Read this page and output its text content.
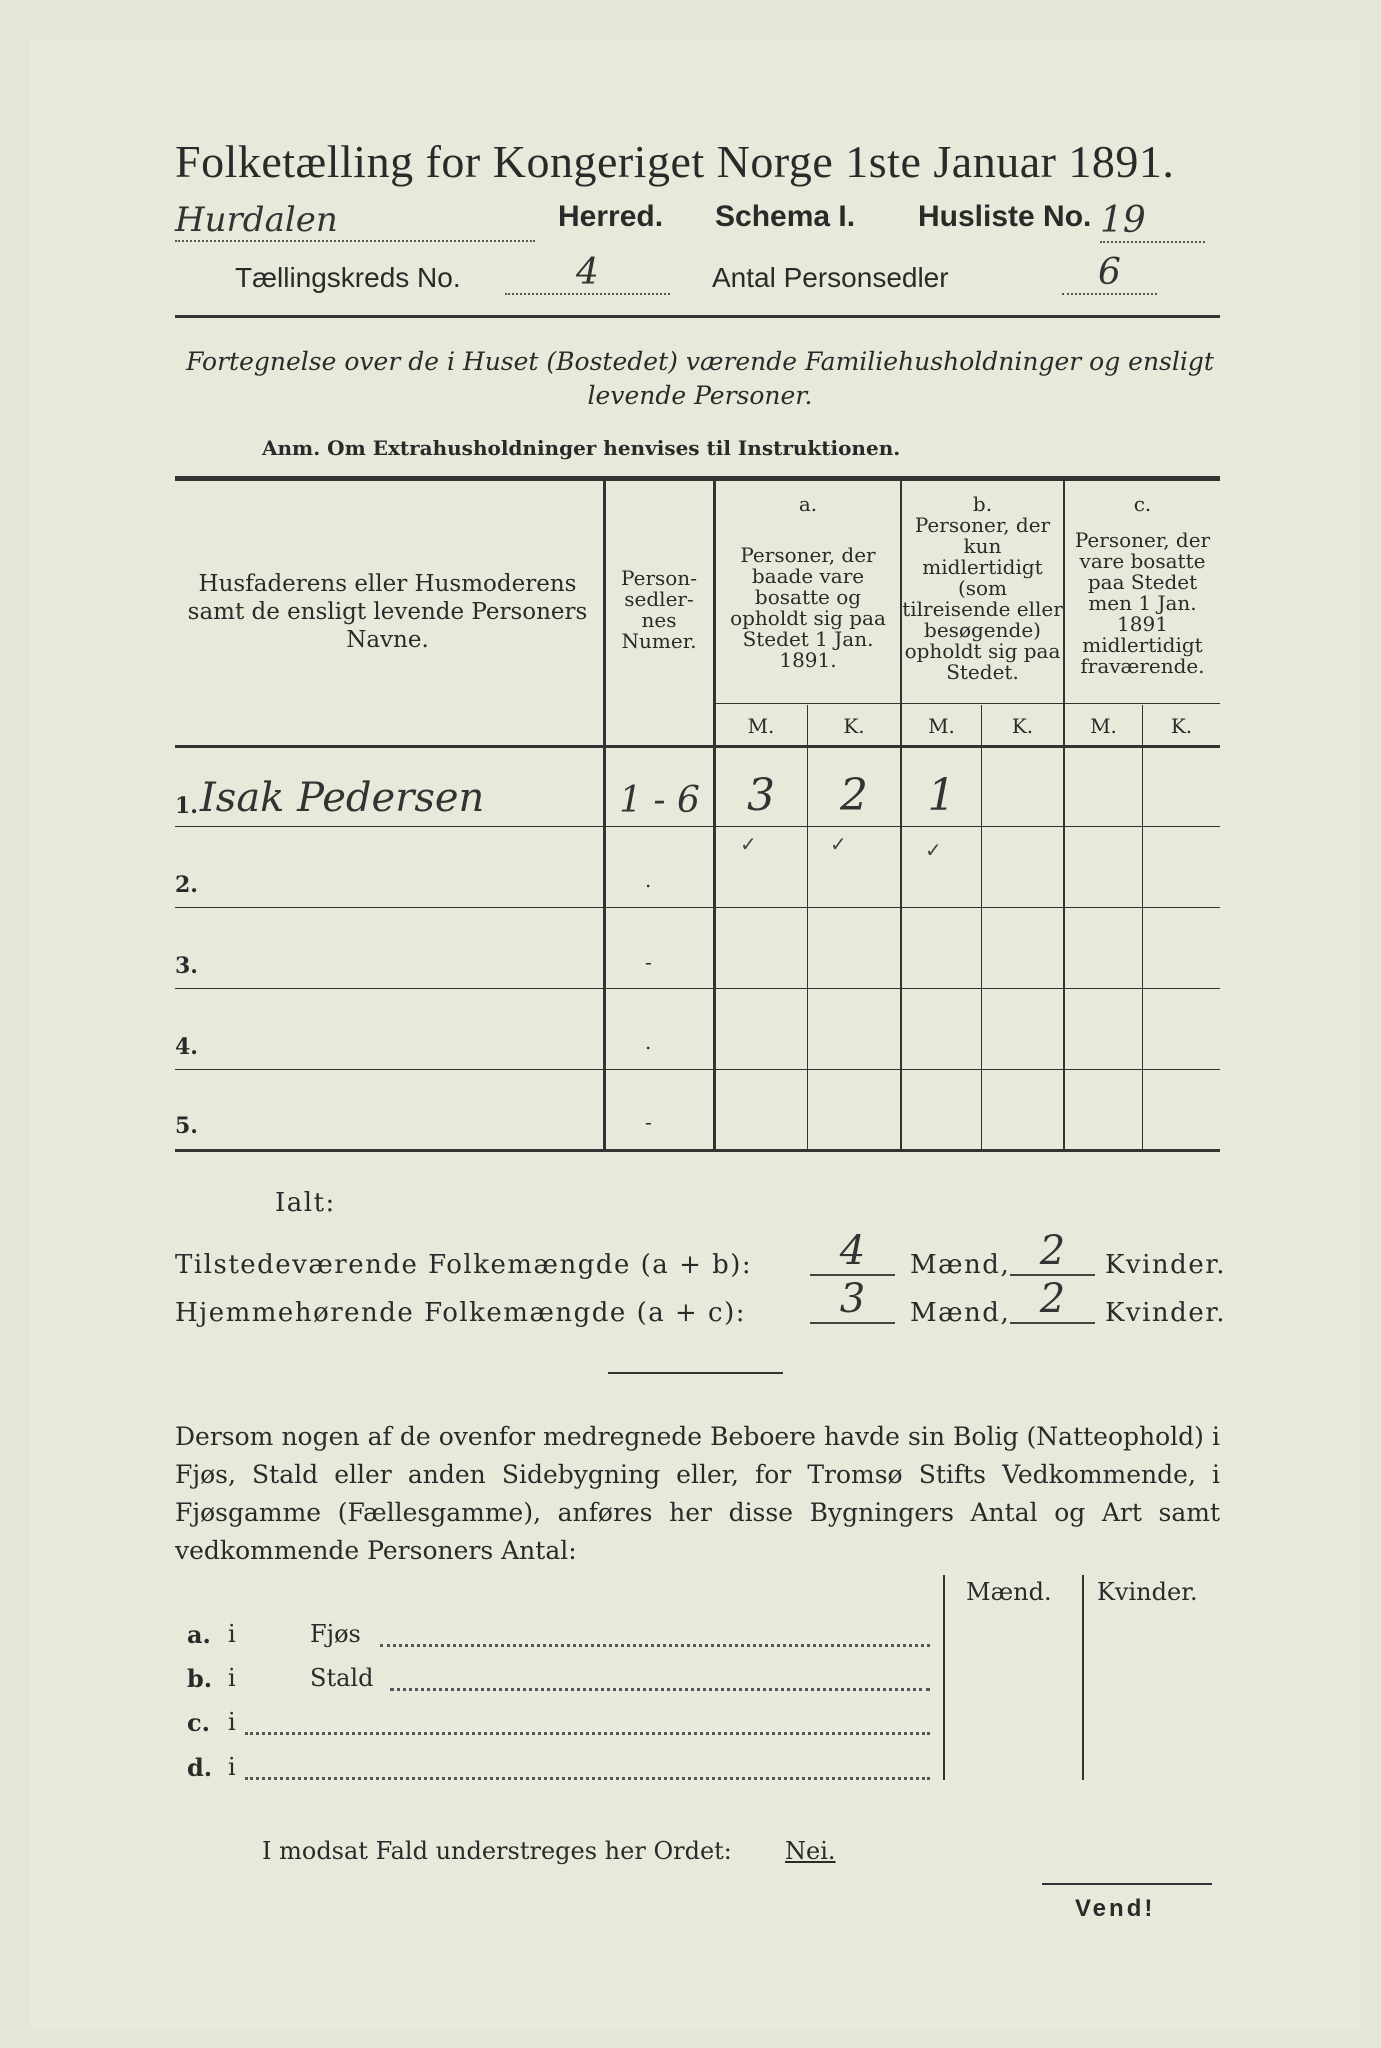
Folketælling for Kongeriget Norge 1ste Januar 1891.
Hurdalen	Herred. Schema I. Husliste No. 19
Tællingskreds No.	4	Antal Personsedler	6
Fortegnelse over de i Huset (Bostedet) værende Familiehusholdninger og ensligt levende Personer.
Anm. Om Extrahusholdninger henvises til Instruktionen.
Husfaderens eller Husmoderens samt de ensligt levende Personers Navne.
Person-sedler-nes Numer.
a.
Personer, der baade vare bosatte og opholdt sig paa Stedet 1 Jan. 1891.
b.
Personer, der kun midlertidigt (som tilreisende eller besøgende) opholdt sig paa Stedet.
c.
Personer, der vare bosatte paa Stedet men 1 Jan. 1891 midlertidigt fraværende.
M.	K.	M.	K.	M.	K.
1. Isak Pedersen	1 - 6	3	2	1
✓	✓	✓
2.	.
3.	-
4.	.
5.	-
Ialt:
Tilstedeværende Folkemængde (a + b):	4	Mænd, 2	Kvinder.
Hjemmehørende Folkemængde (a + c):	3	Mænd, 2	Kvinder.
Dersom nogen af de ovenfor medregnede Beboere havde sin Bolig (Natteophold) i Fjøs, Stald eller anden Sidebygning eller, for Tromsø Stifts Vedkommende, i Fjøsgamme (Fællesgamme), anføres her disse Bygningers Antal og Art samt vedkommende Personers Antal:
Mænd. Kvinder.
a. i	Fjøs
b. i	Stald
c. i
d. i
I modsat Fald understreges her Ordet: Nei.
Vend!
